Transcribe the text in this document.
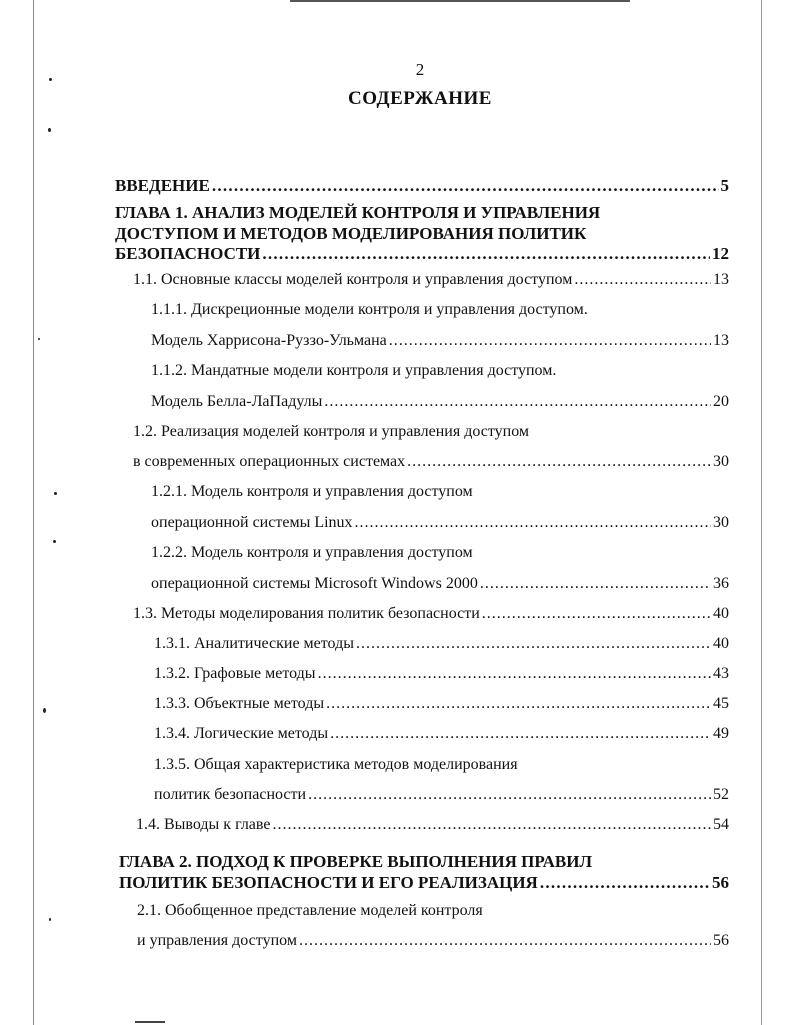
2
СОДЕРЖАНИЕ
ВВЕДЕНИЕ . . .	5
ГЛАВА 1. АНАЛИЗ МОДЕЛЕЙ КОНТРОЛЯ И УПРАВЛЕНИЯ
ДОСТУПОМ И МЕТОДОВ МОДЕЛИРОВАНИЯ ПОЛИТИК
БЕЗОПАСНОСТИ . . .	12
1.1. Основные классы моделей контроля и управления доступом . . .	13
1.1.1. Дискреционные модели контроля и управления доступом.
Модель Харрисона-Руззо-Ульмана . . .	13
1.1.2. Мандатные модели контроля и управления доступом.
Модель Белла-ЛаПадулы . . .	20
1.2. Реализация моделей контроля и управления доступом
в современных операционных системах . . .	30
1.2.1. Модель контроля и управления доступом
операционной системы Linux . . .	30
1.2.2. Модель контроля и управления доступом
операционной системы Microsoft Windows 2000 . . .	36
1.3. Методы моделирования политик безопасности . . .	40
1.3.1. Аналитические методы . . .	40
1.3.2. Графовые методы . . .	43
1.3.3. Объектные методы . . .	45
1.3.4. Логические методы . . .	49
1.3.5. Общая характеристика методов моделирования
политик безопасности . . .	52
1.4. Выводы к главе . . .	54
ГЛАВА 2. ПОДХОД К ПРОВЕРКЕ ВЫПОЛНЕНИЯ ПРАВИЛ
ПОЛИТИК БЕЗОПАСНОСТИ И ЕГО РЕАЛИЗАЦИЯ . . .	56
2.1. Обобщенное представление моделей контроля
и управления доступом . . .	56
